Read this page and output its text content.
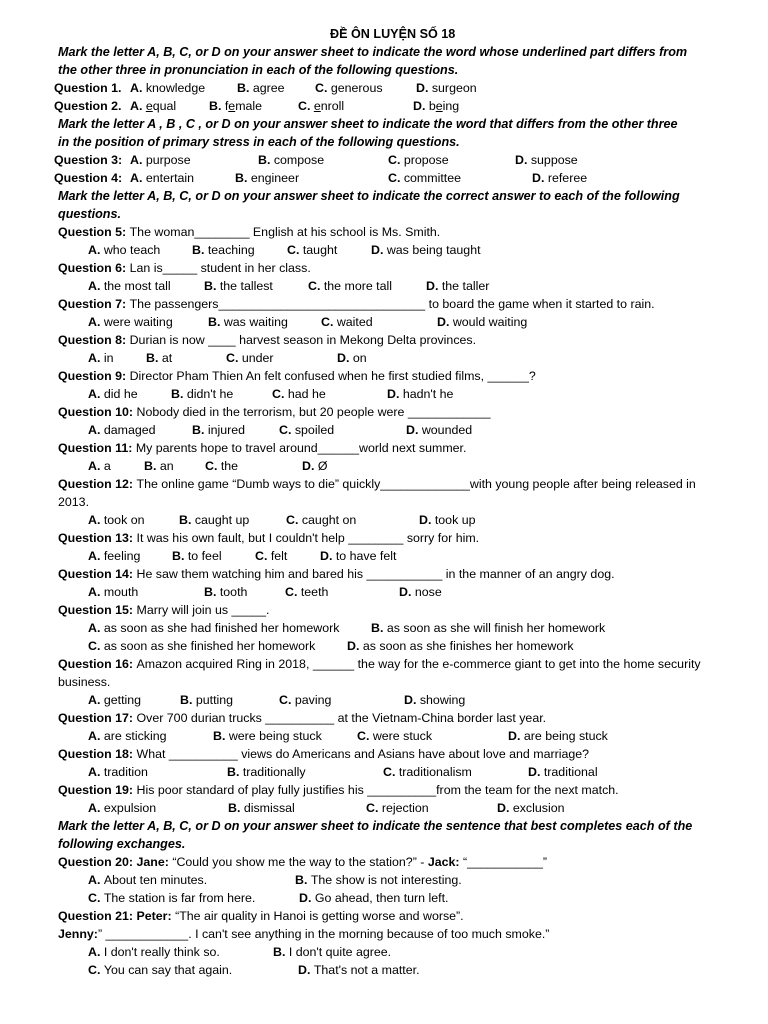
ĐỀ ÔN LUYỆN SỐ 18
Mark the letter A, B, C, or D on your answer sheet to indicate the word whose underlined part differs from
the other three in pronunciation in each of the following questions.
Question 1. A. knowledge	B. agree C. generous	D. surgeon
Question 2. A. equal	B. female	C. enroll	D. being
Mark the letter A , B , C , or D on your answer sheet to indicate the word that differs from the other three
in the position of primary stress in each of the following questions.
Question 3: A. purpose	B. compose	C. propose	D. suppose
Question 4: A. entertain	B. engineer	C. committee	D. referee
Mark the letter A, B, C, or D on your answer sheet to indicate the correct answer to each of the following
questions.
Question 5: The woman________ English at his school is Ms. Smith.
A. who teach	B. teaching	C. taught	D. was being taught
Question 6: Lan is_____ student in her class.
A. the most tall	B. the tallest	C. the more tall	D. the taller
Question 7: The passengers______________________________ to board the game when it started to rain.
A. were waiting	B. was waiting	C. waited	D. would waiting
Question 8: Durian is now ____ harvest season in Mekong Delta provinces.
A. in	B. at	C. under	D. on
Question 9: Director Pham Thien An felt confused when he first studied films, ______?
A. did he	B. didn't he	C. had he	D. hadn't he
Question 10: Nobody died in the terrorism, but 20 people were ____________
A. damaged	B. injured	C. spoiled	D. wounded
Question 11: My parents hope to travel around______world next summer.
A. a	B. an	C. the	D. Ø
Question 12: The online game “Dumb ways to die” quickly_____________with young people after being released in
2013.
A. took on	B. caught up	C. caught on	D. took up
Question 13: It was his own fault, but I couldn't help ________ sorry for him.
A. feeling	B. to feel	C. felt	D. to have felt
Question 14: He saw them watching him and bared his ___________ in the manner of an angry dog.
A. mouth	B. tooth	C. teeth	D. nose
Question 15: Marry will join us _____.
A. as soon as she had finished her homework	B. as soon as she will finish her homework
C. as soon as she finished her homework	D. as soon as she finishes her homework
Question 16: Amazon acquired Ring in 2018, ______ the way for the e-commerce giant to get into the home security
business.
A. getting	B. putting	C. paving	D. showing
Question 17: Over 700 durian trucks __________ at the Vietnam-China border last year.
A. are sticking	B. were being stuck	C. were stuck	D. are being stuck
Question 18: What __________ views do Americans and Asians have about love and marriage?
A. tradition	B. traditionally	C. traditionalism	D. traditional
Question 19: His poor standard of play fully justifies his __________from the team for the next match.
A. expulsion	B. dismissal	C. rejection	D. exclusion
Mark the letter A, B, C, or D on your answer sheet to indicate the sentence that best completes each of the
following exchanges.
Question 20: Jane: “Could you show me the way to the station?” - Jack: “___________”
A. About ten minutes.	B. The show is not interesting.
C. The station is far from here.	D. Go ahead, then turn left.
Question 21: Peter: “The air quality in Hanoi is getting worse and worse”.
Jenny:” ____________. I can't see anything in the morning because of too much smoke.”
A. I don't really think so.	B. I don't quite agree.
C. You can say that again.	D. That's not a matter.
